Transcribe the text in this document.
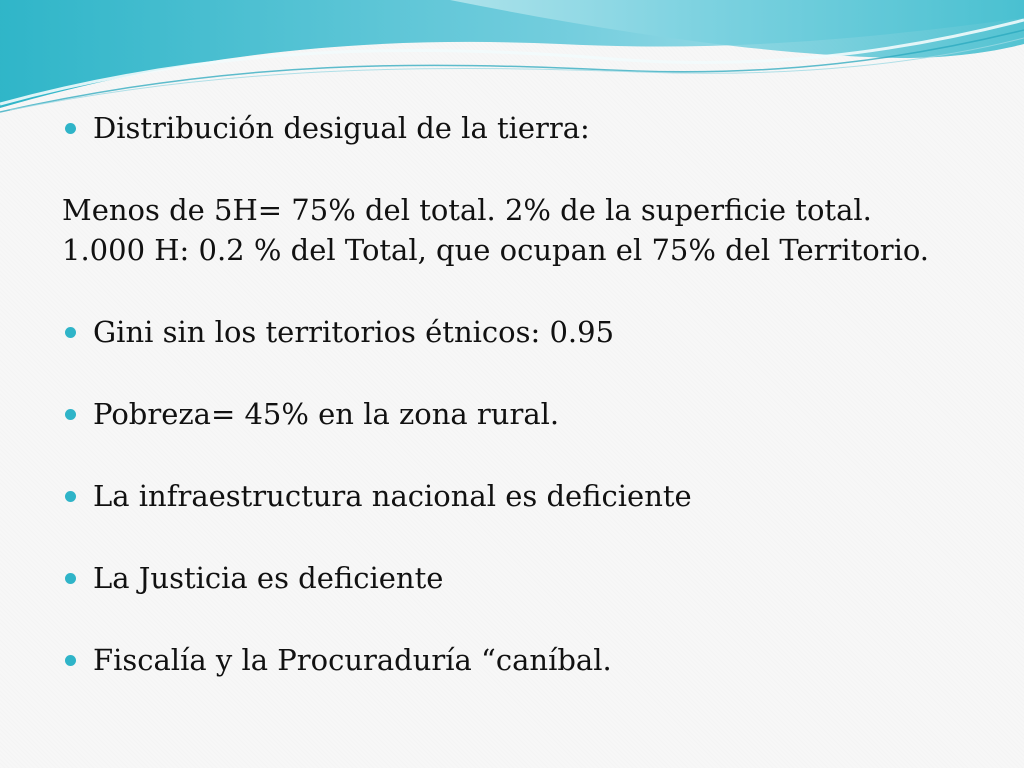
Distribución desigual de la tierra:

Menos de 5H= 75% del total. 2% de la superficie total.

1.000 H: 0.2 % del Total, que ocupan el 75% del Territorio.

Gini sin los territorios étnicos: 0.95

Pobreza= 45% en la zona rural.

La infraestructura nacional es deficiente

La Justicia es deficiente

Fiscalía y la Procuraduría “caníbal.
